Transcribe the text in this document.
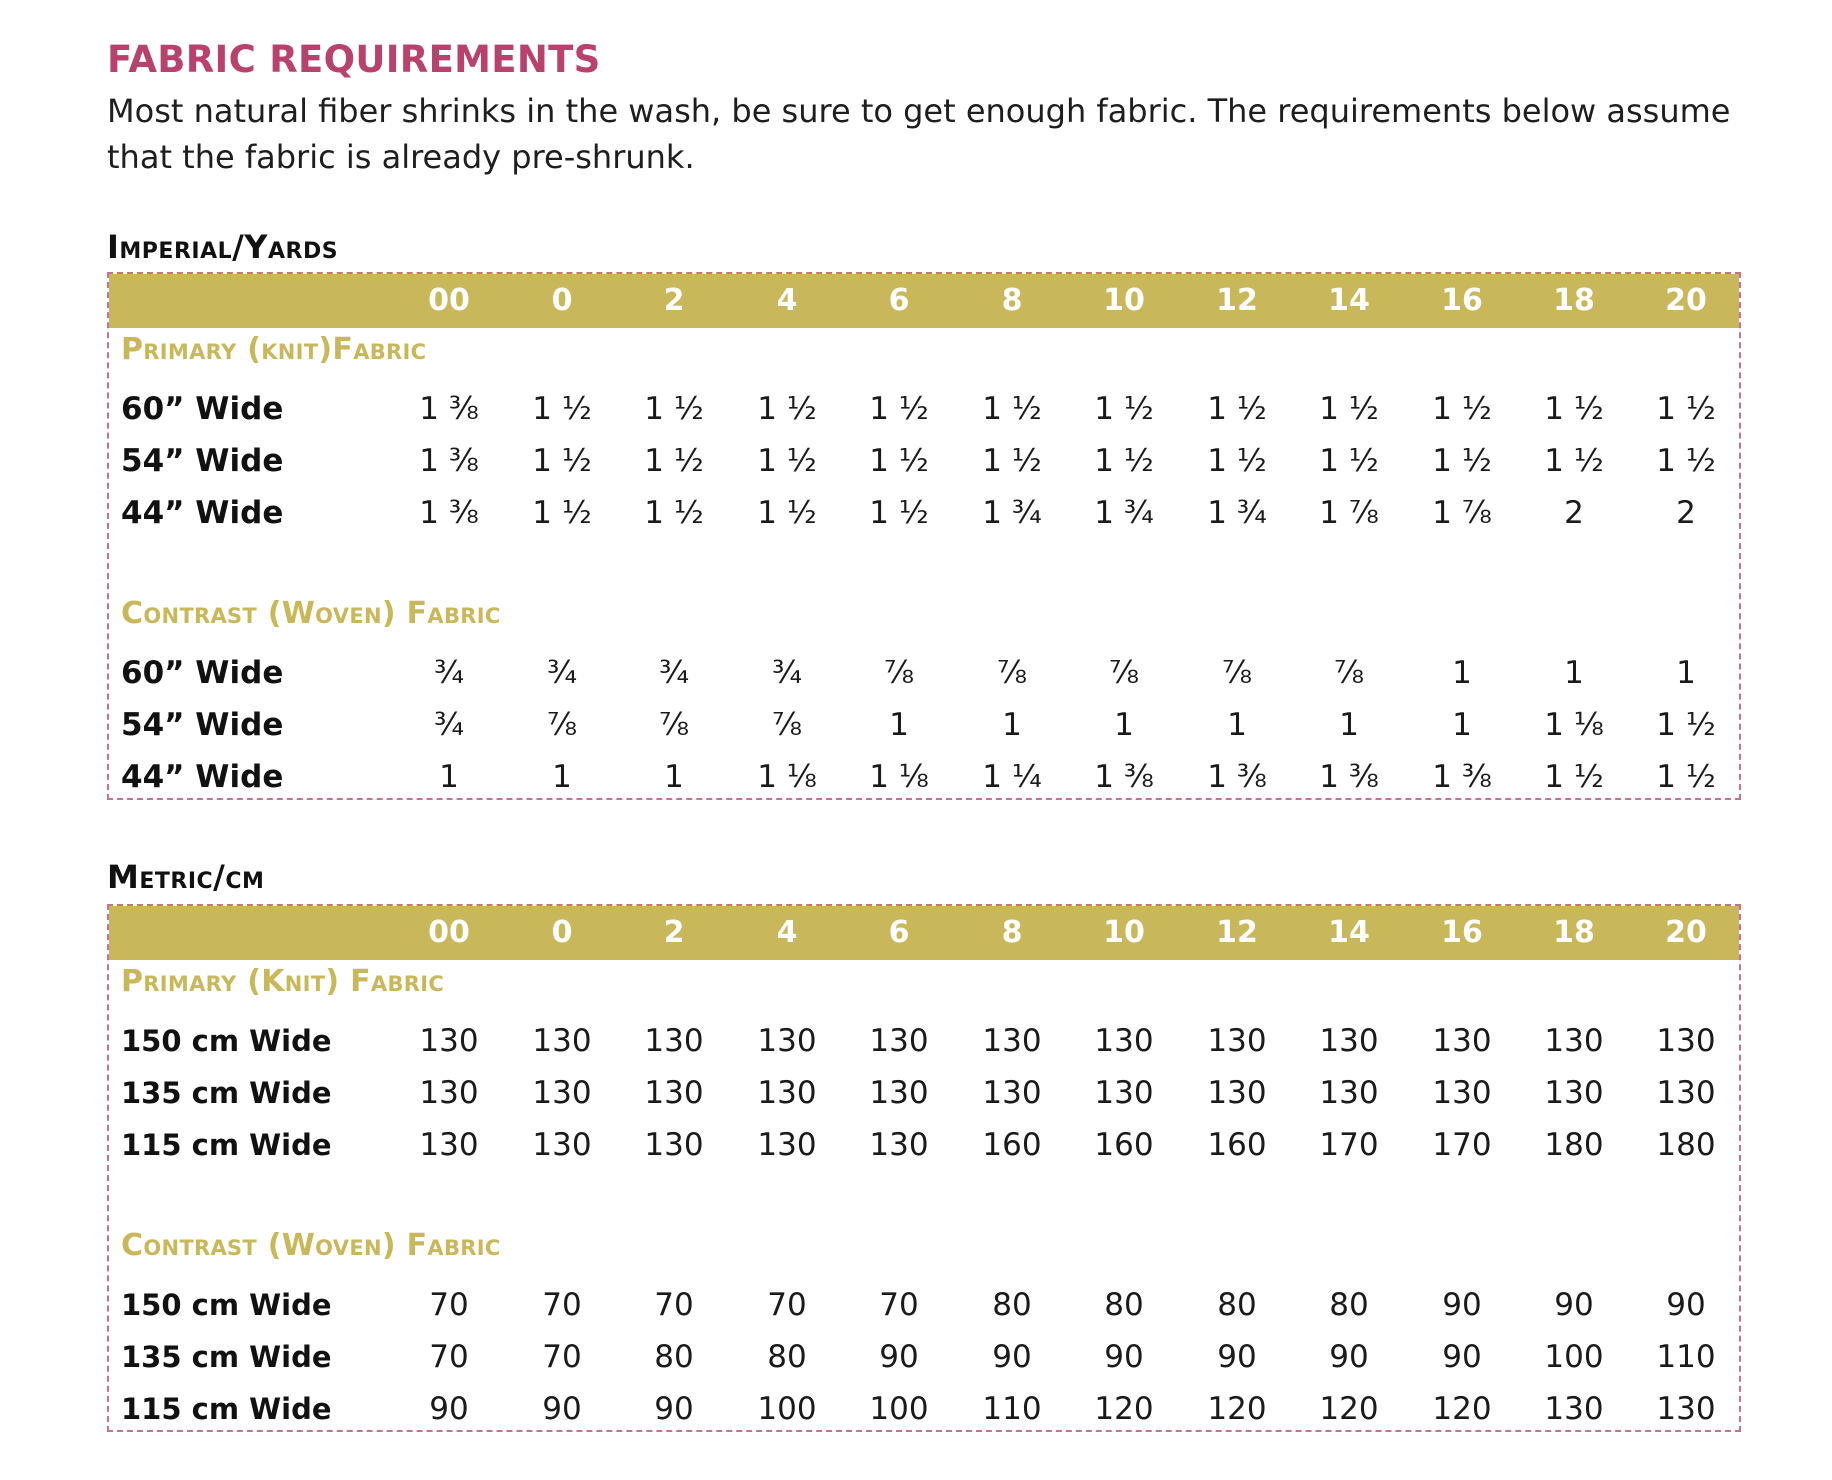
FABRIC REQUIREMENTS
Most natural fiber shrinks in the wash, be sure to get enough fabric. The requirements below assume that the fabric is already pre-shrunk.
Imperial/Yards
00	0	2	4	6	8	10	12	14	16	18	20
Primary (knit)Fabric
60” Wide	1 ⅜	1 ½	1 ½	1 ½	1 ½	1 ½	1 ½	1 ½	1 ½	1 ½	1 ½	1 ½
54” Wide	1 ⅜	1 ½	1 ½	1 ½	1 ½	1 ½	1 ½	1 ½	1 ½	1 ½	1 ½	1 ½
44” Wide	1 ⅜	1 ½	1 ½	1 ½	1 ½	1 ¾	1 ¾	1 ¾	1 ⅞	1 ⅞	2	2
Contrast (Woven) Fabric
60” Wide	¾	¾	¾	¾	⅞	⅞	⅞	⅞	⅞	1	1	1
54” Wide	¾	⅞	⅞	⅞	1	1	1	1	1	1	1 ⅛	1 ½
44” Wide	1	1	1	1 ⅛	1 ⅛	1 ¼	1 ⅜	1 ⅜	1 ⅜	1 ⅜	1 ½	1 ½
Metric/cm
00	0	2	4	6	8	10	12	14	16	18	20
Primary (Knit) Fabric
150 cm Wide	130	130	130	130	130	130	130	130	130	130	130	130
135 cm Wide	130	130	130	130	130	130	130	130	130	130	130	130
115 cm Wide	130	130	130	130	130	160	160	160	170	170	180	180
Contrast (Woven) Fabric
150 cm Wide	70	70	70	70	70	80	80	80	80	90	90	90
135 cm Wide	70	70	80	80	90	90	90	90	90	90	100	110
115 cm Wide	90	90	90	100	100	110	120	120	120	120	130	130
